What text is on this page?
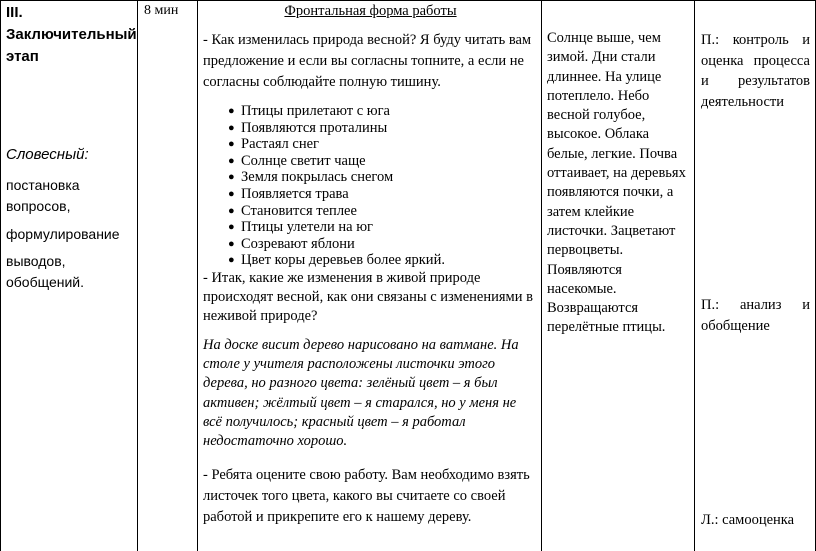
III.
Заключительный
этап

Словесный:

постановка

вопросов,

формулирование

выводов,

обобщений.

8 мин	Фронтальная форма работы

- Как изменилась природа весной? Я буду читать вам предложение и если вы согласны топните, а если не согласны соблюдайте полную тишину.

● Птицы прилетают с юга
● Появляются проталины
● Растаял снег
● Солнце светит чаще
● Земля покрылась снегом
● Появляется трава
● Становится теплее
● Птицы улетели на юг
● Созревают яблони
● Цвет коры деревьев более яркий.

- Итак, какие же изменения в живой природе происходят весной, как они связаны с изменениями в неживой природе?

На доске висит дерево нарисовано на ватмане. На столе у учителя расположены листочки этого дерева, но разного цвета: зелёный цвет – я был активен; жёлтый цвет – я старался, но у меня не всё получилось; красный цвет – я работал недостаточно хорошо.

- Ребята оцените свою работу. Вам необходимо взять листочек того цвета, какого вы считаете со своей работой и прикрепите его к нашему дереву.

Солнце выше, чем зимой. Дни стали длиннее. На улице потеплело. Небо весной голубое, высокое. Облака белые, легкие. Почва оттаивает, на деревьях появляются почки, а затем клейкие листочки. Зацветают первоцветы. Появляются насекомые. Возвращаются перелётные птицы.

П.: контроль и

оценка процесса

и результатов

деятельности

П.: анализ и

обобщение

Л.: самооценка
